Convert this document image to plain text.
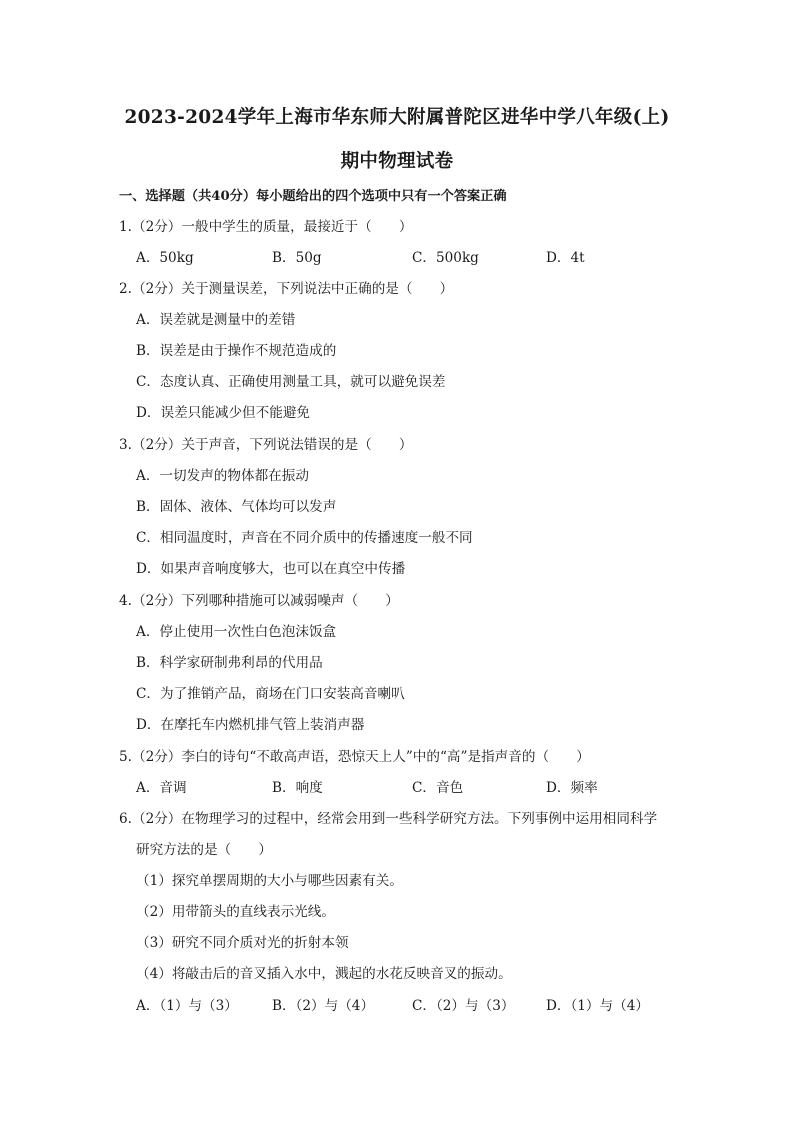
2023-2024学年上海市华东师大附属普陀区进华中学八年级(上)
期中物理试卷
一、选择题（共40分）每小题给出的四个选项中只有一个答案正确
1.（2分）一般中学生的质量，最接近于（　　）
A．50kg	B．50g	C．500kg	D．4t
2.（2分）关于测量误差，下列说法中正确的是（　　）
A．误差就是测量中的差错
B．误差是由于操作不规范造成的
C．态度认真、正确使用测量工具，就可以避免误差
D．误差只能减少但不能避免
3.（2分）关于声音，下列说法错误的是（　　）
A．一切发声的物体都在振动
B．固体、液体、气体均可以发声
C．相同温度时，声音在不同介质中的传播速度一般不同
D．如果声音响度够大，也可以在真空中传播
4.（2分）下列哪种措施可以减弱噪声（　　）
A．停止使用一次性白色泡沫饭盒
B．科学家研制弗利昂的代用品
C．为了推销产品，商场在门口安装高音喇叭
D．在摩托车内燃机排气管上装消声器
5.（2分）李白的诗句“不敢高声语，恐惊天上人”中的“高”是指声音的（　　）
A．音调	B．响度	C．音色	D．频率
6.（2分）在物理学习的过程中，经常会用到一些科学研究方法。下列事例中运用相同科学
研究方法的是（　　）
（1）探究单摆周期的大小与哪些因素有关。
（2）用带箭头的直线表示光线。
（3）研究不同介质对光的折射本领
（4）将敲击后的音叉插入水中，溅起的水花反映音叉的振动。
A．（1）与（3）	B．（2）与（4）	C．（2）与（3） D．（1）与（4）
